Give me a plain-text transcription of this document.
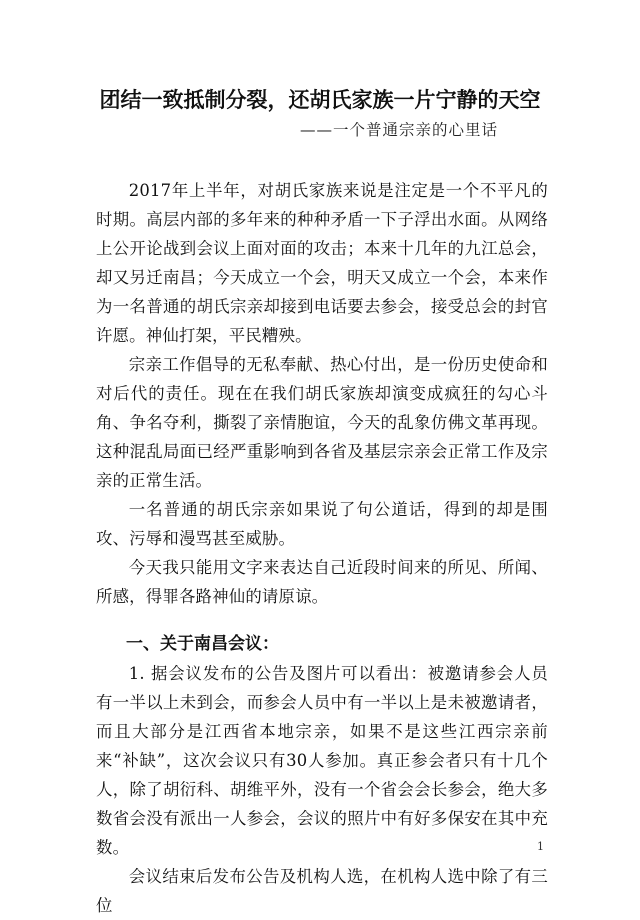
团结一致抵制分裂，还胡氏家族一片宁静的天空

——一个普通宗亲的心里话

2017年上半年，对胡氏家族来说是注定是一个不平凡的时期。高层内部的多年来的种种矛盾一下子浮出水面。从网络上公开论战到会议上面对面的攻击；本来十几年的九江总会，却又另迁南昌；今天成立一个会，明天又成立一个会，本来作为一名普通的胡氏宗亲却接到电话要去参会，接受总会的封官许愿。神仙打架，平民糟殃。

宗亲工作倡导的无私奉献、热心付出，是一份历史使命和对后代的责任。现在在我们胡氏家族却演变成疯狂的勾心斗角、争名夺利，撕裂了亲情胞谊，今天的乱象仿佛文革再现。 这种混乱局面已经严重影响到各省及基层宗亲会正常工作及宗亲的正常生活。

一名普通的胡氏宗亲如果说了句公道话，得到的却是围攻、污辱和漫骂甚至威胁。

今天我只能用文字来表达自己近段时间来的所见、所闻、所感，得罪各路神仙的请原谅。

一、关于南昌会议：

1. 据会议发布的公告及图片可以看出：被邀请参会人员有一半以上未到会，而参会人员中有一半以上是未被邀请者，而且大部分是江西省本地宗亲，如果不是这些江西宗亲前来“补缺”，这次会议只有30人参加。真正参会者只有十几个人，除了胡衍科、胡维平外，没有一个省会会长参会，绝大多数省会没有派出一人参会，会议的照片中有好多保安在其中充数。

会议结束后发布公告及机构人选，在机构人选中除了有三位

1
